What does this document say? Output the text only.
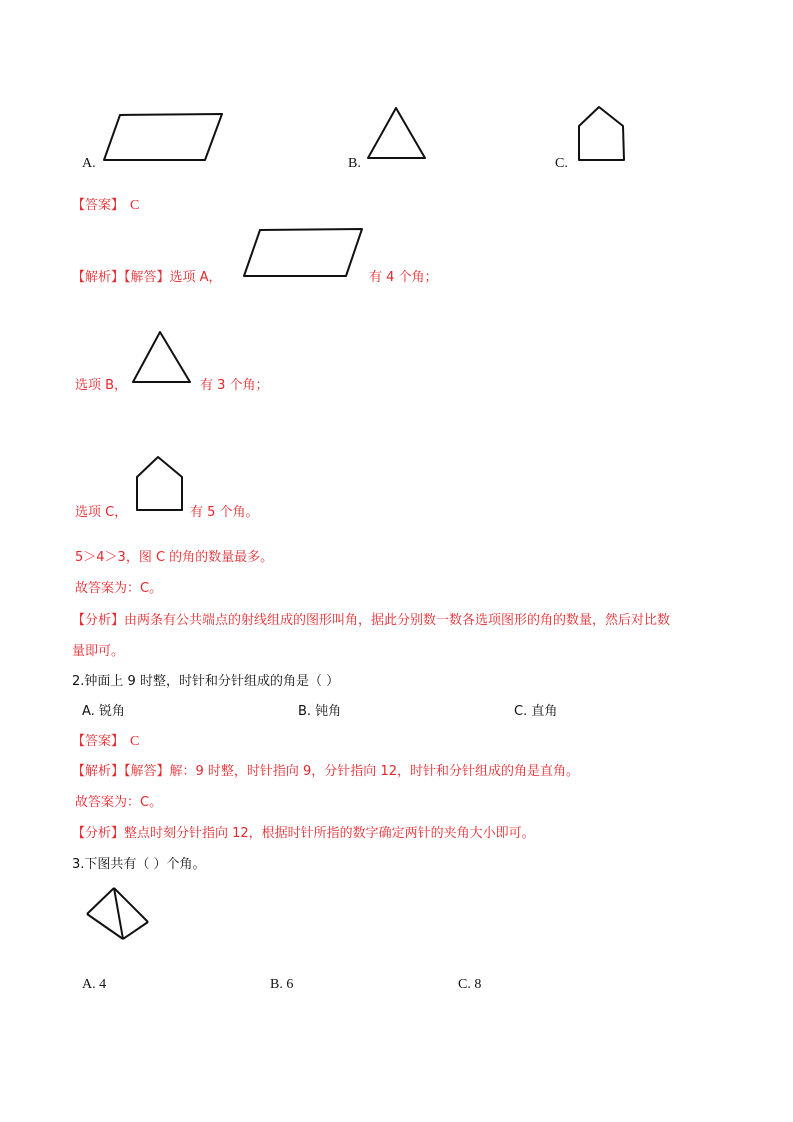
A.	B.	C.
【答案】 C
【解析】【解答】选项 A，	有 4 个角；
选项 B，	有 3 个角；
选项 C，	有 5 个角。
5＞4＞3，图 C 的角的数量最多。
故答案为：C。
【分析】由两条有公共端点的射线组成的图形叫角，据此分别数一数各选项图形的角的数量，然后对比数
量即可。
2.钟面上 9 时整，时针和分针组成的角是（ ）
A. 锐角	B. 钝角	C. 直角
【答案】 C
【解析】【解答】解：9 时整，时针指向 9，分针指向 12，时针和分针组成的角是直角。
故答案为：C。
【分析】整点时刻分针指向 12，根据时针所指的数字确定两针的夹角大小即可。
3.下图共有（ ）个角。
A. 4	B. 6	C. 8
